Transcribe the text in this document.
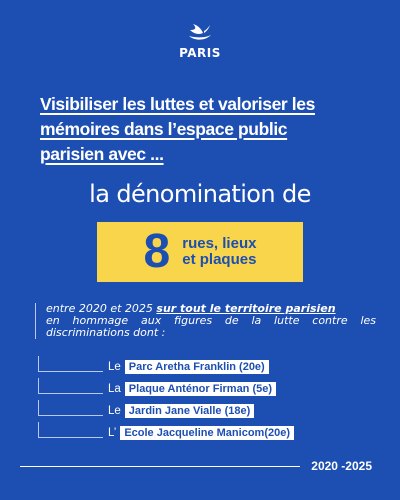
PARIS
Visibiliser les luttes et valoriser les
mémoires dans l’espace public
parisien avec ...
la dénomination de
8 rues, lieux
et plaques
entre 2020 et 2025 sur tout le territoire parisien
en hommage aux figures de la lutte contre les
discriminations dont :
Le Parc Aretha Franklin (20e)
La Plaque Anténor Firman (5e)
Le Jardin Jane Vialle (18e)
L’ Ecole Jacqueline Manicom(20e)
2020 -2025
